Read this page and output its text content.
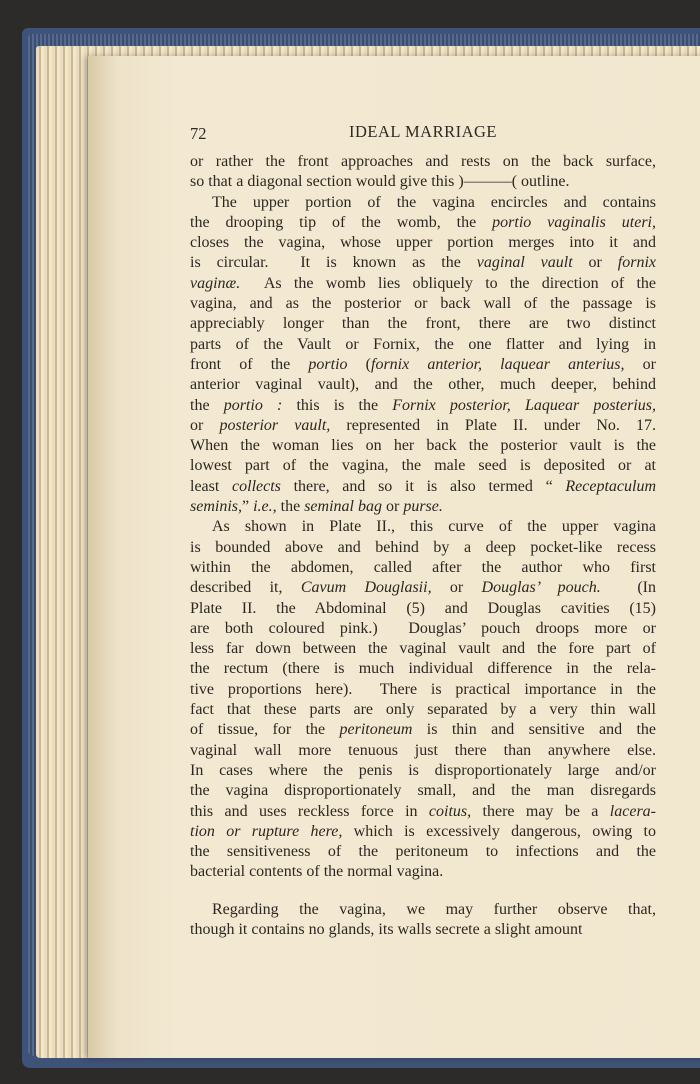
72	IDEAL MARRIAGE
or rather the front approaches and rests on the back surface,
so that a diagonal section would give this )———( outline.
The upper portion of the vagina encircles and contains
the drooping tip of the womb, the portio vaginalis uteri,
closes the vagina, whose upper portion merges into it and
is circular.  It is known as the vaginal vault or fornix
vaginæ.  As the womb lies obliquely to the direction of the
vagina, and as the posterior or back wall of the passage is
appreciably longer than the front, there are two distinct
parts of the Vault or Fornix, the one flatter and lying in
front of the portio (fornix anterior, laquear anterius, or
anterior vaginal vault), and the other, much deeper, behind
the portio : this is the Fornix posterior, Laquear posterius,
or posterior vault, represented in Plate II. under No. 17.
When the woman lies on her back the posterior vault is the
lowest part of the vagina, the male seed is deposited or at
least collects there, and so it is also termed “ Receptaculum
seminis,” i.e., the seminal bag or purse.
As shown in Plate II., this curve of the upper vagina
is bounded above and behind by a deep pocket-like recess
within the abdomen, called after the author who first
described it, Cavum Douglasii, or Douglas’ pouch.  (In
Plate II. the Abdominal (5) and Douglas cavities (15)
are both coloured pink.)  Douglas’ pouch droops more or
less far down between the vaginal vault and the fore part of
the rectum (there is much individual difference in the rela-
tive proportions here).  There is practical importance in the
fact that these parts are only separated by a very thin wall
of tissue, for the peritoneum is thin and sensitive and the
vaginal wall more tenuous just there than anywhere else.
In cases where the penis is disproportionately large and/or
the vagina disproportionately small, and the man disregards
this and uses reckless force in coitus, there may be a lacera-
tion or rupture here, which is excessively dangerous, owing to
the sensitiveness of the peritoneum to infections and the
bacterial contents of the normal vagina.
Regarding the vagina, we may further observe that,
though it contains no glands, its walls secrete a slight amount
